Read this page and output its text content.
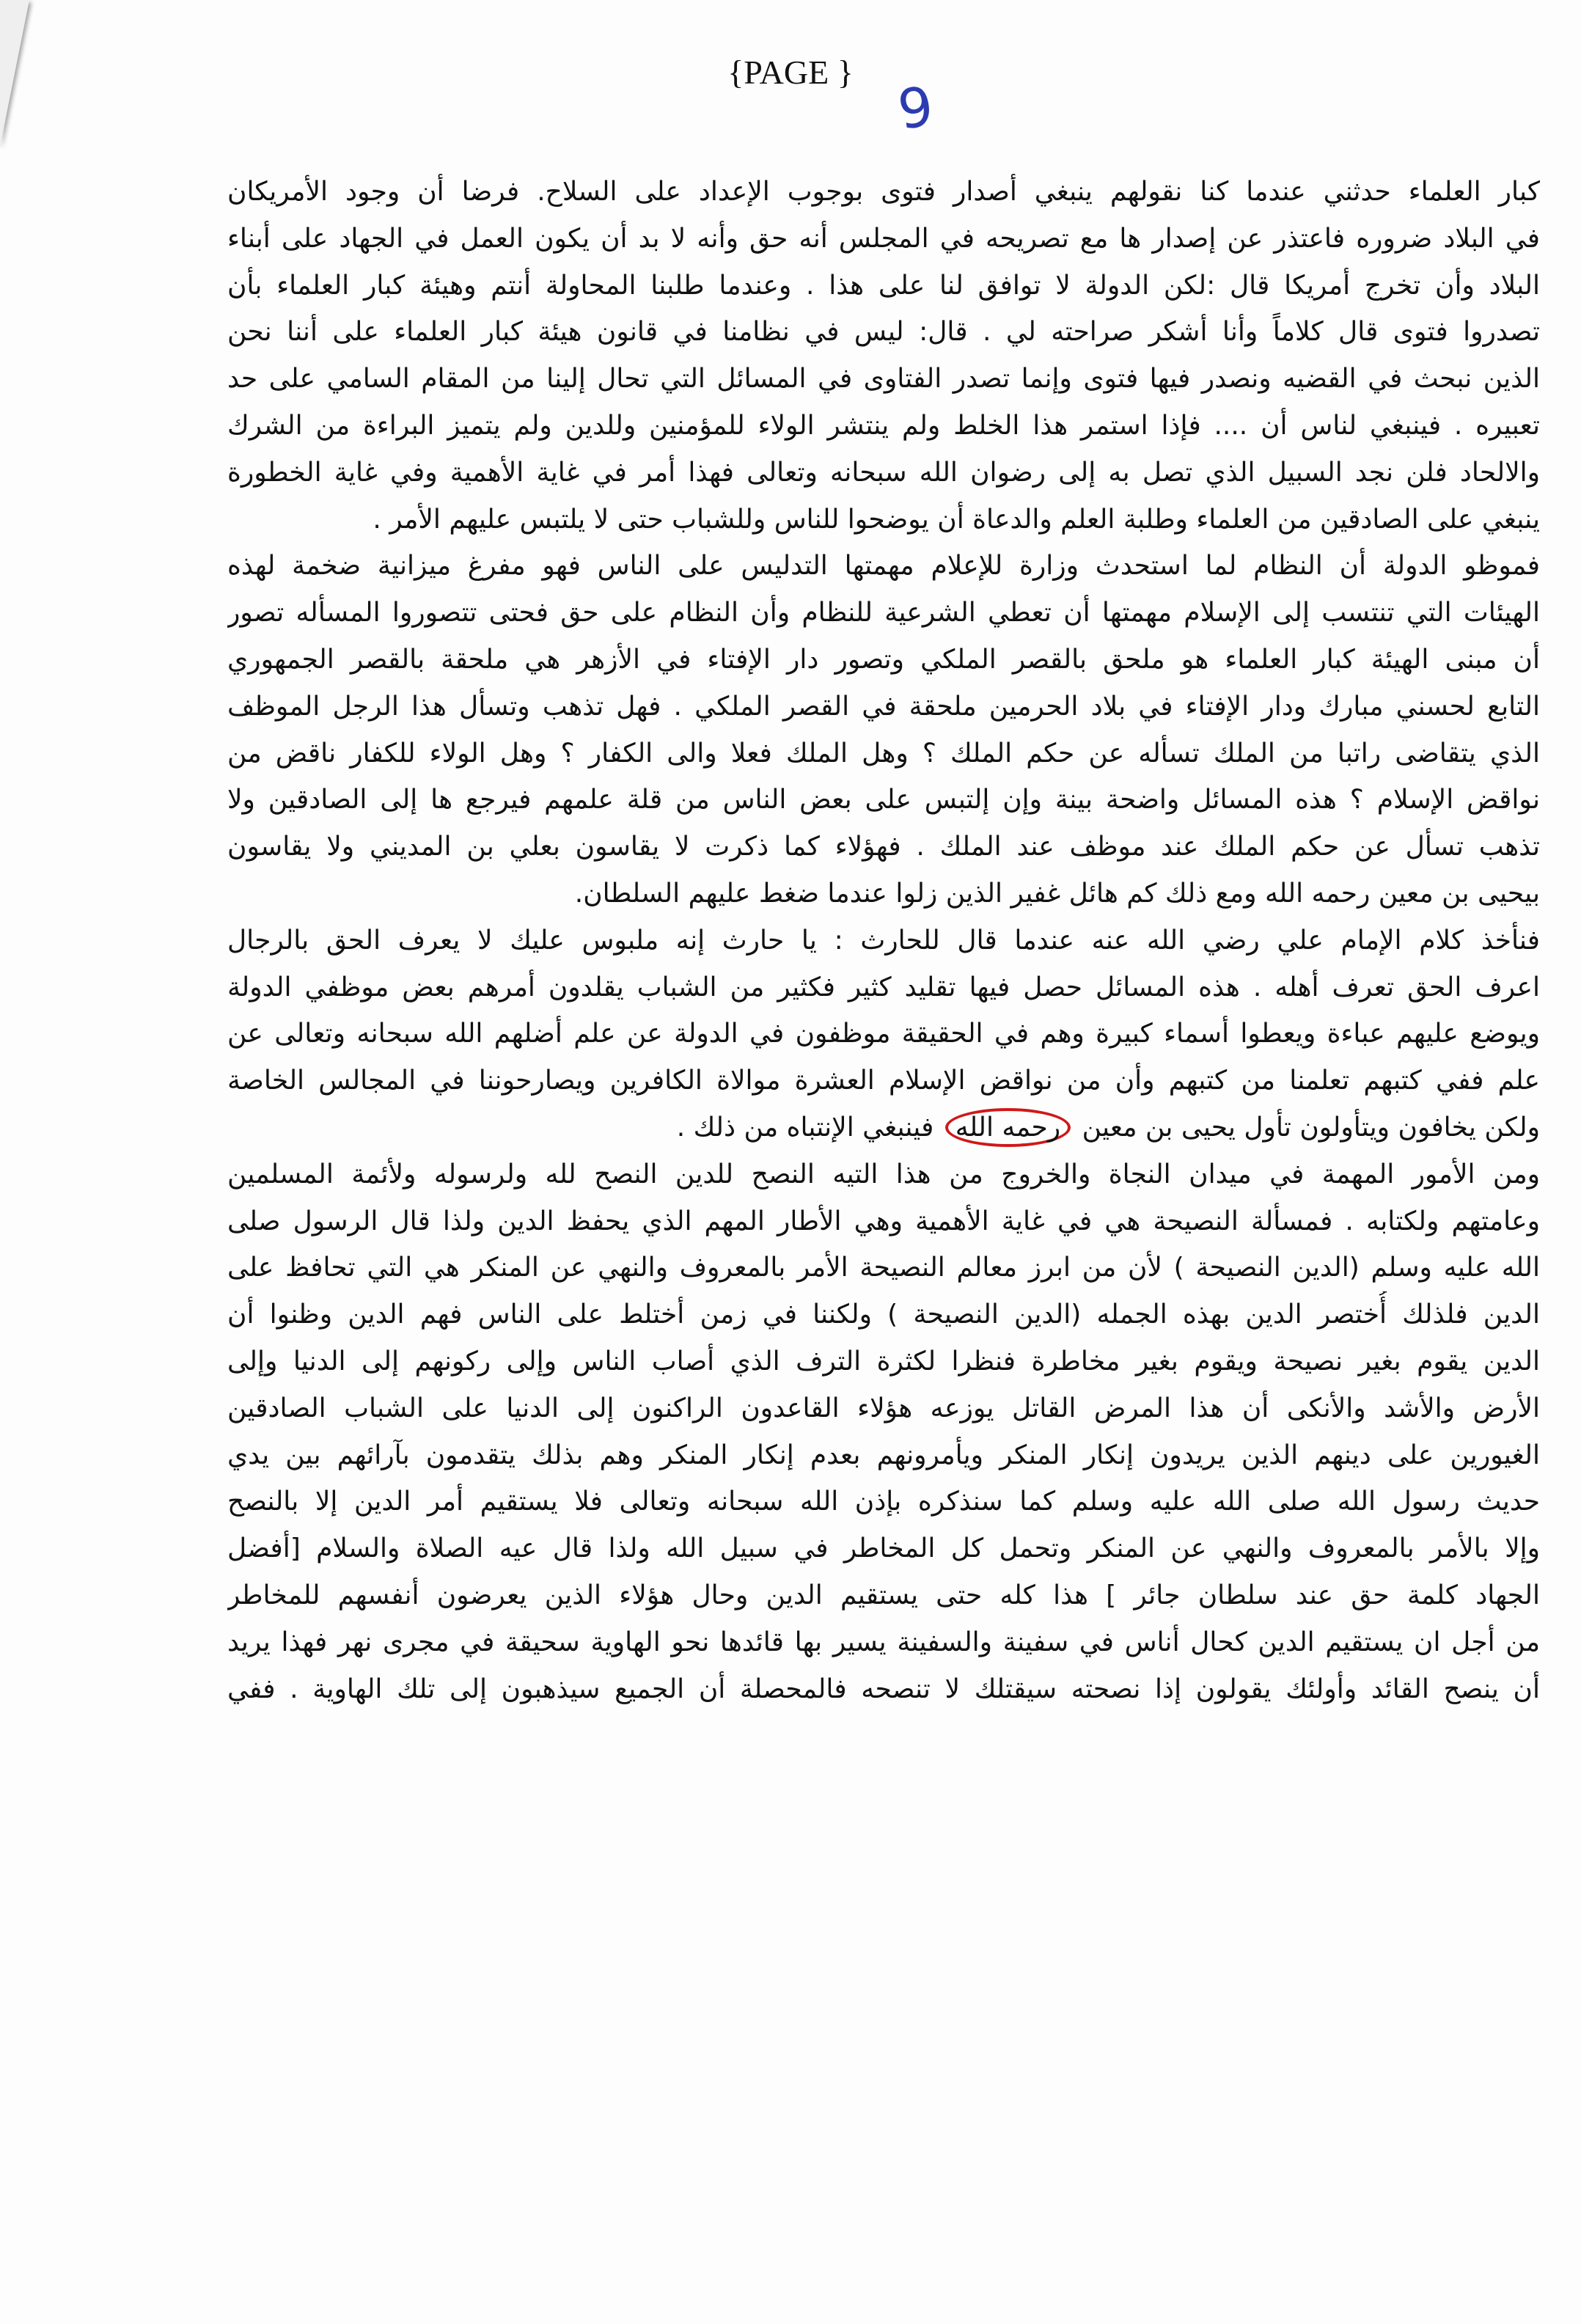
{PAGE }
9
كبار العلماء حدثني عندما كنا نقولهم ينبغي أصدار فتوى بوجوب الإعداد على السلاح. فرضا أن وجود الأمريكان
في البلاد ضروره فاعتذر عن إصدار ها مع تصريحه في المجلس أنه حق وأنه لا بد أن يكون العمل في الجهاد على أبناء
البلاد وأن تخرج أمريكا قال :لكن الدولة لا توافق لنا على هذا . وعندما طلبنا المحاولة أنتم وهيئة كبار العلماء بأن
تصدروا فتوى قال كلاماً وأنا أشكر صراحته لي . قال: ليس في نظامنا في قانون هيئة كبار العلماء على أننا نحن
الذين نبحث في القضيه ونصدر فيها فتوى وإنما تصدر الفتاوى في المسائل التي تحال إلينا من المقام السامي على حد
تعبيره . فينبغي لناس أن .... فإذا استمر هذا الخلط ولم ينتشر الولاء للمؤمنين وللدين ولم يتميز البراءة من الشرك
والالحاد فلن نجد السبيل الذي تصل به إلى رضوان الله سبحانه وتعالى فهذا أمر في غاية الأهمية وفي غاية الخطورة
ينبغي على الصادقين من العلماء وطلبة العلم والدعاة أن يوضحوا للناس وللشباب حتى لا يلتبس عليهم الأمر .
فموظو الدولة أن النظام لما استحدث وزارة للإعلام مهمتها التدليس على الناس فهو مفرغ ميزانية ضخمة لهذه
الهيئات التي تنتسب إلى الإسلام مهمتها أن تعطي الشرعية للنظام وأن النظام على حق فحتى تتصوروا المسأله تصور
أن مبنى الهيئة كبار العلماء هو ملحق بالقصر الملكي وتصور دار الإفتاء في الأزهر هي ملحقة بالقصر الجمهوري
التابع لحسني مبارك ودار الإفتاء في بلاد الحرمين ملحقة في القصر الملكي . فهل تذهب وتسأل هذا الرجل الموظف
الذي يتقاضى راتبا من الملك تسأله عن حكم الملك ؟ وهل الملك فعلا والى الكفار ؟ وهل الولاء للكفار ناقض من
نواقض الإسلام ؟ هذه المسائل واضحة بينة وإن إلتبس على بعض الناس من قلة علمهم فيرجع ها إلى الصادقين ولا
تذهب تسأل عن حكم الملك عند موظف عند الملك . فهؤلاء كما ذكرت لا يقاسون بعلي بن المديني ولا يقاسون
بيحيى بن معين رحمه الله ومع ذلك كم هائل غفير الذين زلوا عندما ضغط عليهم السلطان.
فنأخذ كلام الإمام علي رضي الله عنه عندما قال للحارث : يا حارث إنه ملبوس عليك لا يعرف الحق بالرجال
اعرف الحق تعرف أهله . هذه المسائل حصل فيها تقليد كثير فكثير من الشباب يقلدون أمرهم بعض موظفي الدولة
ويوضع عليهم عباءة ويعطوا أسماء كبيرة وهم في الحقيقة موظفون في الدولة عن علم أضلهم الله سبحانه وتعالى عن
علم ففي كتبهم تعلمنا من كتبهم وأن من نواقض الإسلام العشرة موالاة الكافرين ويصارحوننا في المجالس الخاصة
ولكن يخافون ويتأولون تأول يحيى بن معين رحمه الله فينبغي الإنتباه من ذلك .
ومن الأمور المهمة في ميدان النجاة والخروج من هذا التيه النصح للدين النصح لله ولرسوله ولأئمة المسلمين
وعامتهم ولكتابه . فمسألة النصيحة هي في غاية الأهمية وهي الأطار المهم الذي يحفظ الدين ولذا قال الرسول صلى
الله عليه وسلم (الدين النصيحة ) لأن من ابرز معالم النصيحة الأمر بالمعروف والنهي عن المنكر هي التي تحافظ على
الدين فلذلك أُختصر الدين بهذه الجمله (الدين النصيحة ) ولكننا في زمن أختلط على الناس فهم الدين وظنوا أن
الدين يقوم بغير نصيحة ويقوم بغير مخاطرة فنظرا لكثرة الترف الذي أصاب الناس وإلى ركونهم إلى الدنيا وإلى
الأرض والأشد والأنكى أن هذا المرض القاتل يوزعه هؤلاء القاعدون الراكنون إلى الدنيا على الشباب الصادقين
الغيورين على دينهم الذين يريدون إنكار المنكر ويأمرونهم بعدم إنكار المنكر وهم بذلك يتقدمون بآرائهم بين يدي
حديث رسول الله صلى الله عليه وسلم كما سنذكره بإذن الله سبحانه وتعالى فلا يستقيم أمر الدين إلا بالنصح
وإلا بالأمر بالمعروف والنهي عن المنكر وتحمل كل المخاطر في سبيل الله ولذا قال عيه الصلاة والسلام [أفضل
الجهاد كلمة حق عند سلطان جائر ] هذا كله حتى يستقيم الدين وحال هؤلاء الذين يعرضون أنفسهم للمخاطر
من أجل ان يستقيم الدين كحال أناس في سفينة والسفينة يسير بها قائدها نحو الهاوية سحيقة في مجرى نهر فهذا يريد
أن ينصح القائد وأولئك يقولون إذا نصحته سيقتلك لا تنصحه فالمحصلة أن الجميع سيذهبون إلى تلك الهاوية . ففي
